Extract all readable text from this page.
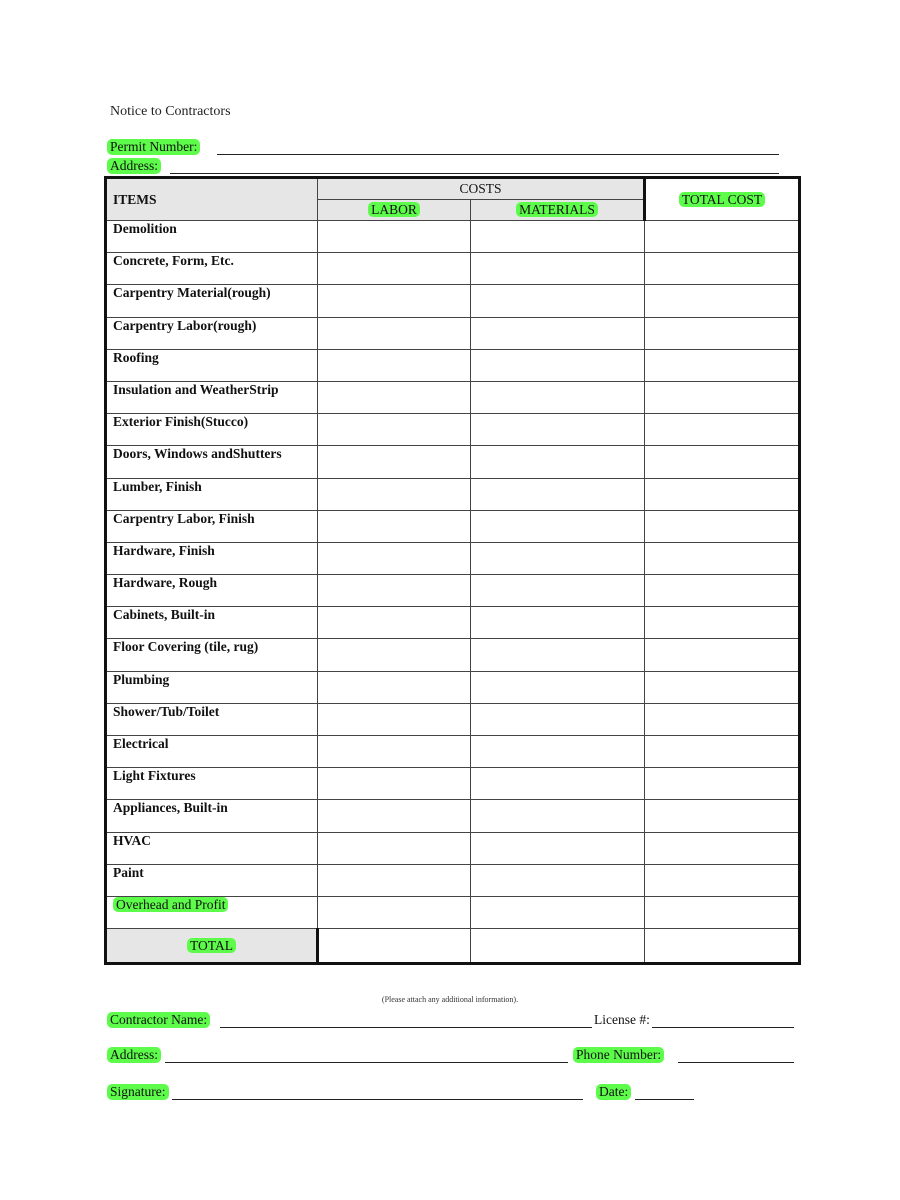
Notice to Contractors
Permit Number:
Address:
ITEMS	COSTS		TOTAL COST
	LABOR	MATERIALS	
Demolition			
Concrete, Form, Etc.			
Carpentry Material(rough)			
Carpentry Labor(rough)			
Roofing			
Insulation and WeatherStrip			
Exterior Finish(Stucco)			
Doors, Windows andShutters			
Lumber, Finish			
Carpentry Labor, Finish			
Hardware, Finish			
Hardware, Rough			
Cabinets, Built-in			
Floor Covering (tile, rug)			
Plumbing			
Shower/Tub/Toilet			
Electrical			
Light Fixtures			
Appliances, Built-in			
HVAC			
Paint			
Overhead and Profit			
TOTAL			
(Please attach any additional information).
Contractor Name:	License #:
Address:	Phone Number:
Signature:	Date:
